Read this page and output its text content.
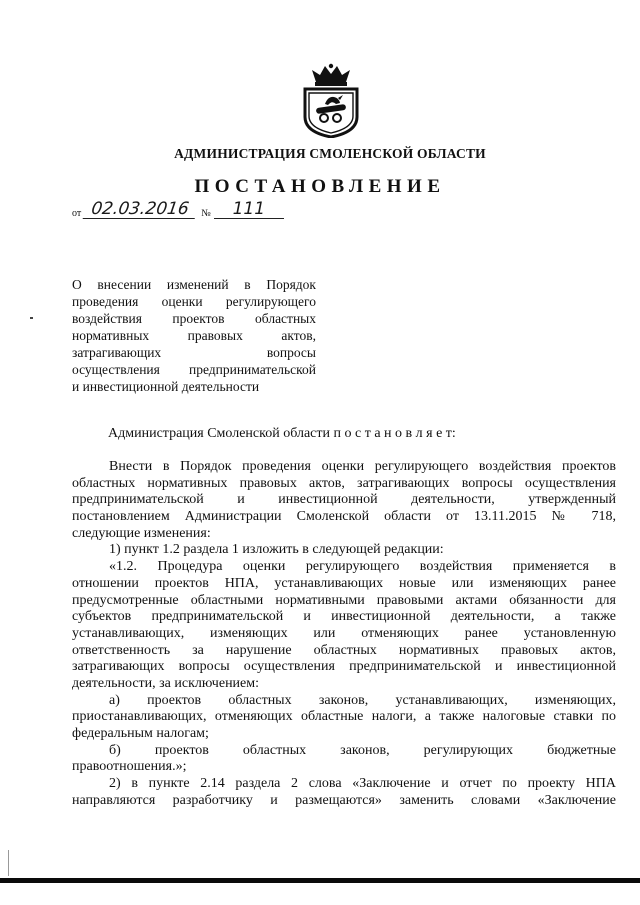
АДМИНИСТРАЦИЯ СМОЛЕНСКОЙ ОБЛАСТИ
ПОСТАНОВЛЕНИЕ
от 02.03.2016 № 111
О внесении изменений в Порядок
проведения оценки регулирующего
воздействия проектов областных
нормативных правовых актов,
затрагивающих вопросы
осуществления предпринимательской
и инвестиционной деятельности
Администрация Смоленской области п о с т а н о в л я е т:
Внести в Порядок проведения оценки регулирующего воздействия проектов
областных нормативных правовых актов, затрагивающих вопросы осуществления
предпринимательской и инвестиционной деятельности, утвержденный
постановлением Администрации Смоленской области от 13.11.2015 № 718,
следующие изменения:
1) пункт 1.2 раздела 1 изложить в следующей редакции:
«1.2. Процедура оценки регулирующего воздействия применяется в
отношении проектов НПА, устанавливающих новые или изменяющих ранее
предусмотренные областными нормативными правовыми актами обязанности для
субъектов предпринимательской и инвестиционной деятельности, а также
устанавливающих, изменяющих или отменяющих ранее установленную
ответственность за нарушение областных нормативных правовых актов,
затрагивающих вопросы осуществления предпринимательской и инвестиционной
деятельности, за исключением:
а) проектов областных законов, устанавливающих, изменяющих,
приостанавливающих, отменяющих областные налоги, а также налоговые ставки по
федеральным налогам;
б) проектов областных законов, регулирующих бюджетные
правоотношения.»;
2) в пункте 2.14 раздела 2 слова «Заключение и отчет по проекту НПА
направляются разработчику и размещаются» заменить словами «Заключение
